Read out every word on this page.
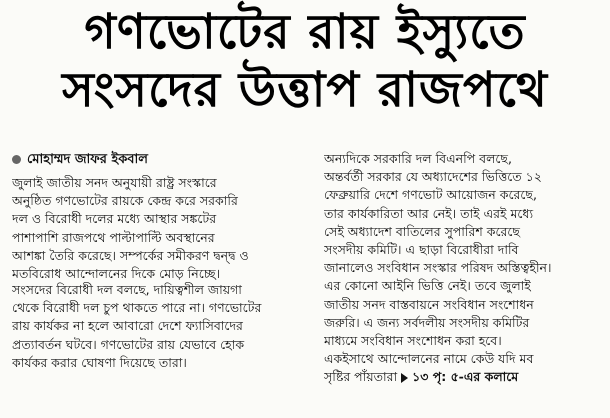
গণভোটের রায় ইস্যুতে
সংসদের উত্তাপ রাজপথে
মোহাম্মদ জাফর ইকবাল
জুলাই জাতীয় সনদ অনুযায়ী রাষ্ট্র সংস্কারে
অনুষ্ঠিত গণভোটের রায়কে কেন্দ্র করে সরকারি
দল ও বিরোধী দলের মধ্যে আস্থার সঙ্কটের
পাশাপাশি রাজপথে পাল্টাপাল্টি অবস্থানের
আশঙ্কা তৈরি করেছে। সম্পর্কের সমীকরণ দ্বন্দ্ব ও
মতবিরোধ আন্দোলনের দিকে মোড় নিচ্ছে।
সংসদের বিরোধী দল বলছে, দায়িত্বশীল জায়গা
থেকে বিরোধী দল চুপ থাকতে পারে না। গণভোটের
রায় কার্যকর না হলে আবারো দেশে ফ্যাসিবাদের
প্রত্যাবর্তন ঘটবে। গণভোটের রায় যেভাবে হোক
কার্যকর করার ঘোষণা দিয়েছে তারা।
অন্যদিকে সরকারি দল বিএনপি বলছে,
অন্তর্বর্তী সরকার যে অধ্যাদেশের ভিত্তিতে ১২
ফেব্রুয়ারি দেশে গণভোট আয়োজন করেছে,
তার কার্যকারিতা আর নেই। তাই এরই মধ্যে
সেই অধ্যাদেশ বাতিলের সুপারিশ করেছে
সংসদীয় কমিটি। এ ছাড়া বিরোধীরা দাবি
জানালেও সংবিধান সংস্কার পরিষদ অস্তিত্বহীন।
এর কোনো আইনি ভিত্তি নেই। তবে জুলাই
জাতীয় সনদ বাস্তবায়নে সংবিধান সংশোধন
জরুরি। এ জন্য সর্বদলীয় সংসদীয় কমিটির
মাধ্যমে সংবিধান সংশোধন করা হবে।
একইসাথে আন্দোলনের নামে কেউ যদি মব
সৃষ্টির পাঁয়তারা ১৩ পৃ: ৫-এর কলামে
